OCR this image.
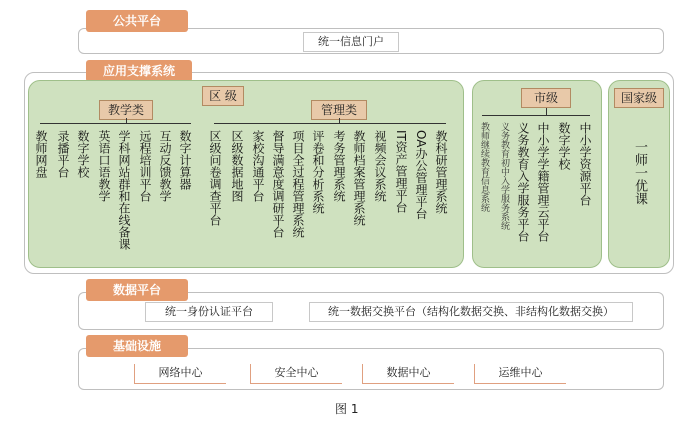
公共平台
统一信息门户
应用支撑系统
区 级
教学类
教师网盘 录播平台 数字学校 英语口语教学 学科网站群和在线备课 远程培训平台 互动反馈教学 数字计算器
管理类
区级问卷调查平台 区级数据地图 家校沟通平台 督导满意度调研平台 项目全过程管理系统 评卷和分析系统 考务管理系统 教师档案管理系统 视频会议系统 IT资产管理平台 OA办公管理平台 教科研管理系统
市级
教师继续教育信息系统 义务教育初中入学服务系统 义务教育入学服务平台 中小学学籍管理云平台 数字学校 中小学资源平台
国家级
一师一优课
数据平台
统一身份认证平台	统一数据交换平台（结构化数据交换、非结构化数据交换）
基础设施
网络中心	安全中心	数据中心	运维中心
图 1
